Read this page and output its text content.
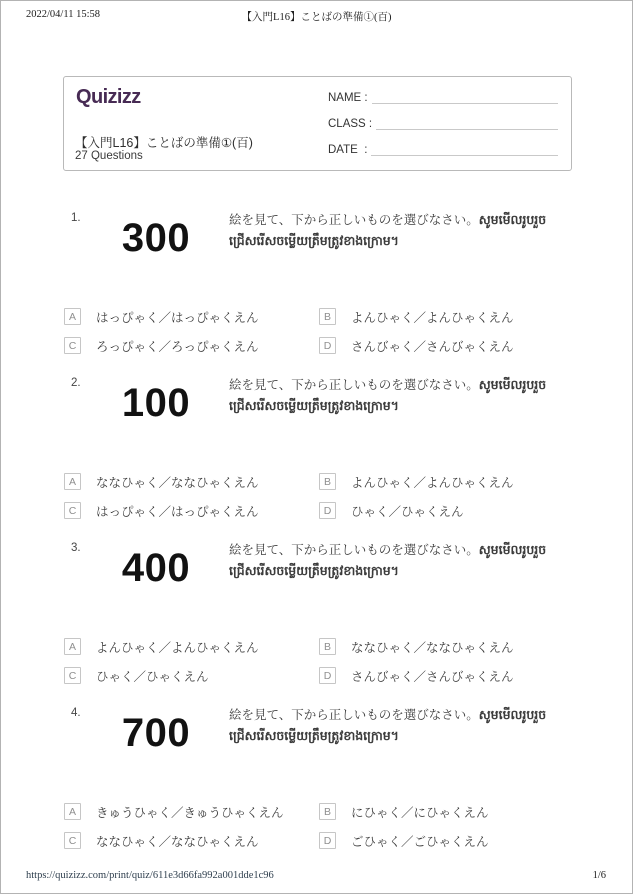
2022/04/11 15:58	【入門L16】ことばの準備①(百)
Quizizz
【入門L16】ことばの準備①(百)
27 Questions
NAME :
CLASS :
DATE  :
1.	300	絵を見て、下から正しいものを選びなさい。សូមមើលរូបរួចជ្រើសរើសចម្លើយត្រឹមត្រូវខាងក្រោម។
A	はっぴゃく／はっぴゃくえん	B	よんひゃく／よんひゃくえん
C	ろっぴゃく／ろっぴゃくえん	D	さんびゃく／さんびゃくえん
2.	100	絵を見て、下から正しいものを選びなさい。សូមមើលរូបរួចជ្រើសរើសចម្លើយត្រឹមត្រូវខាងក្រោម។
A	ななひゃく／ななひゃくえん	B	よんひゃく／よんひゃくえん
C	はっぴゃく／はっぴゃくえん	D	ひゃく／ひゃくえん
3.	400	絵を見て、下から正しいものを選びなさい。សូមមើលរូបរួចជ្រើសរើសចម្លើយត្រឹមត្រូវខាងក្រោម។
A	よんひゃく／よんひゃくえん	B	ななひゃく／ななひゃくえん
C	ひゃく／ひゃくえん	D	さんびゃく／さんびゃくえん
4.	700	絵を見て、下から正しいものを選びなさい。សូមមើលរូបរួចជ្រើសរើសចម្លើយត្រឹមត្រូវខាងក្រោម។
A	きゅうひゃく／きゅうひゃくえん	B	にひゃく／にひゃくえん
C	ななひゃく／ななひゃくえん	D	ごひゃく／ごひゃくえん
https://quizizz.com/print/quiz/611e3d66fa992a001dde1c96	1/6
